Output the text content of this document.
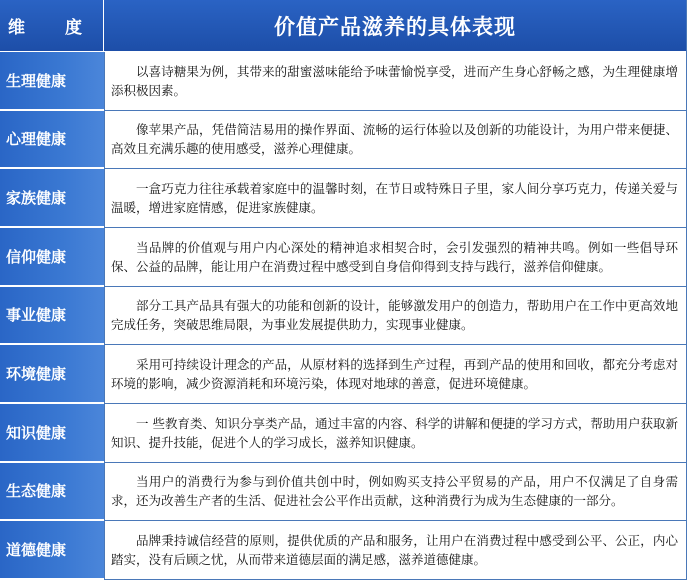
维 度	价值产品滋养的具体表现
生理健康
以喜诗糖果为例，其带来的甜蜜滋味能给予味蕾愉悦享受，进而产生身心舒畅之感，为生理健康增添积极因素。
心理健康
像苹果产品，凭借简洁易用的操作界面、流畅的运行体验以及创新的功能设计，为用户带来便捷、高效且充满乐趣的使用感受，滋养心理健康。
家族健康
一盒巧克力往往承载着家庭中的温馨时刻，在节日或特殊日子里，家人间分享巧克力，传递关爱与温暖，增进家庭情感，促进家族健康。
信仰健康
当品牌的价值观与用户内心深处的精神追求相契合时，会引发强烈的精神共鸣。例如一些倡导环保、公益的品牌，能让用户在消费过程中感受到自身信仰得到支持与践行，滋养信仰健康。
事业健康
部分工具产品具有强大的功能和创新的设计，能够激发用户的创造力，帮助用户在工作中更高效地完成任务，突破思维局限，为事业发展提供助力，实现事业健康。
环境健康
采用可持续设计理念的产品，从原材料的选择到生产过程，再到产品的使用和回收，都充分考虑对环境的影响，减少资源消耗和环境污染，体现对地球的善意，促进环境健康。
知识健康
一 些教育类、知识分享类产品，通过丰富的内容、科学的讲解和便捷的学习方式，帮助用户获取新知识、提升技能，促进个人的学习成长，滋养知识健康。
生态健康
当用户的消费行为参与到价值共创中时，例如购买支持公平贸易的产品，用户不仅满足了自身需求，还为改善生产者的生活、促进社会公平作出贡献，这种消费行为成为生态健康的一部分。
道德健康
品牌秉持诚信经营的原则，提供优质的产品和服务，让用户在消费过程中感受到公平、公正，内心踏实，没有后顾之忧，从而带来道德层面的满足感，滋养道德健康。
